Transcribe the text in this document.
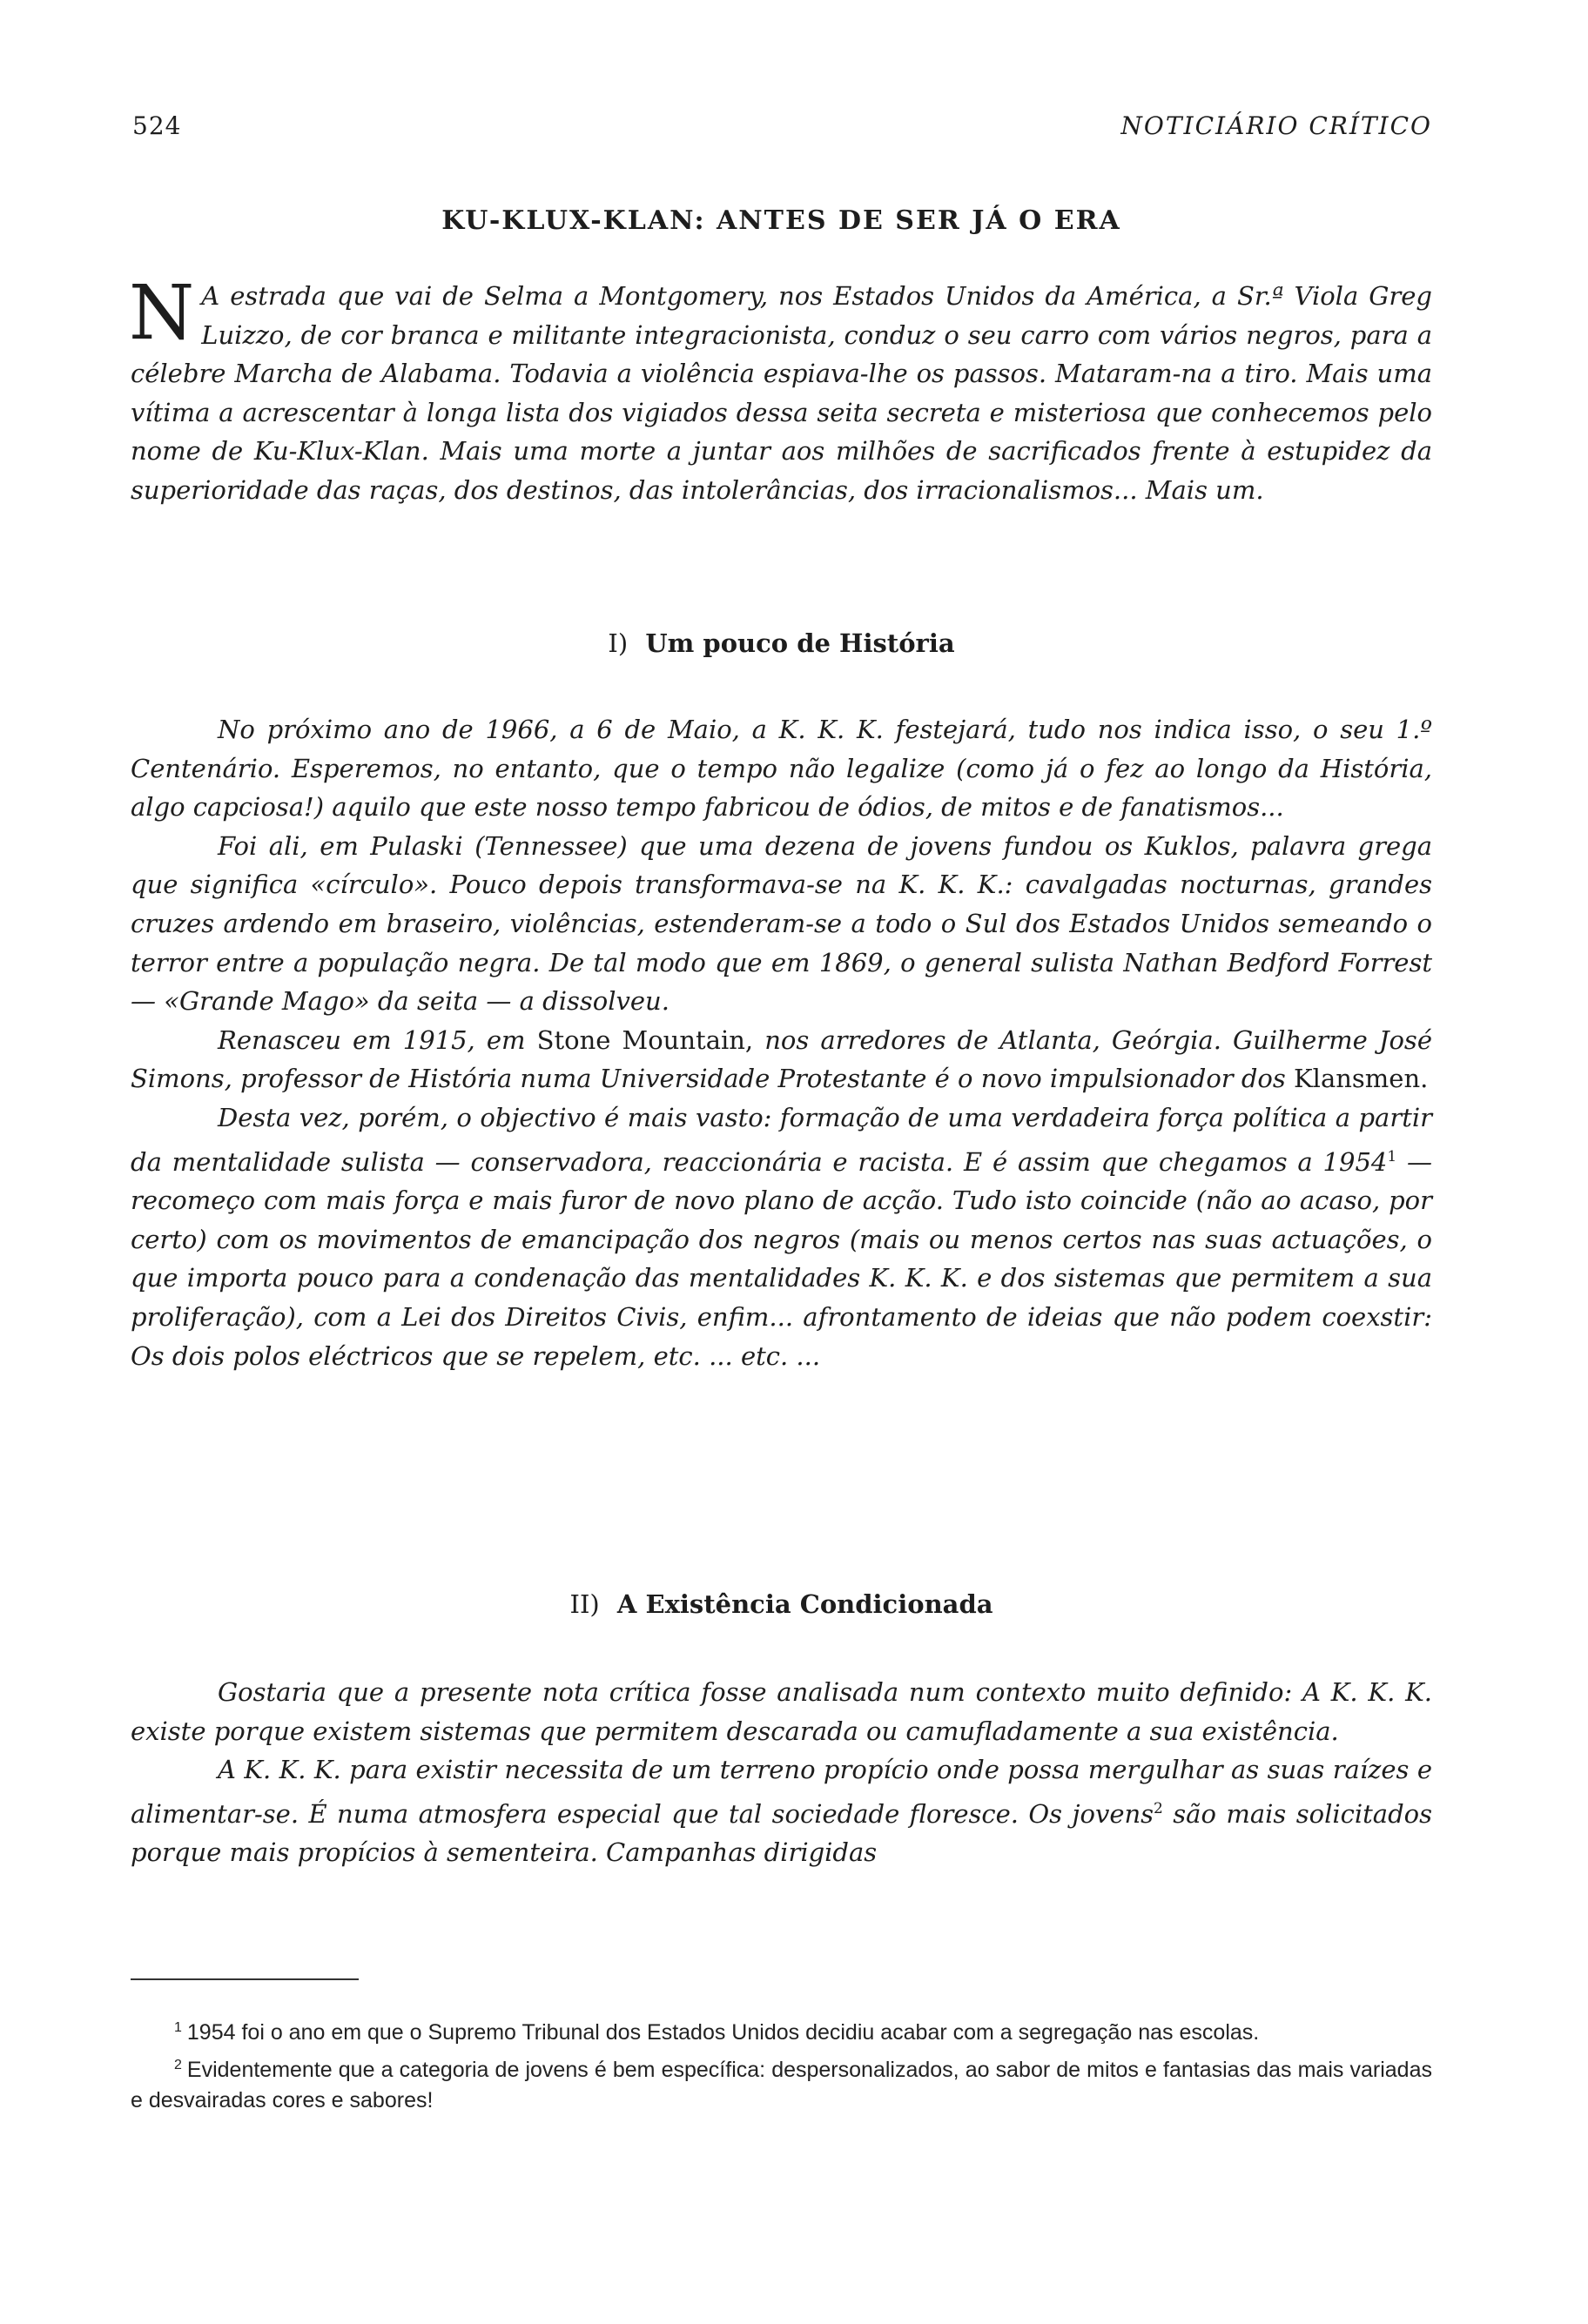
524	NOTICIÁRIO CRÍTICO
KU-KLUX-KLAN: ANTES DE SER JÁ O ERA

N A estrada que vai de Selma a Montgomery, nos Estados Unidos da América, a Sr.ª Viola Greg Luizzo, de cor branca e militante integracionista, conduz o seu carro com vários negros, para a célebre Marcha de Alabama. Todavia a violência espiava-lhe os passos. Mataram-na a tiro. Mais uma vítima a acrescentar à longa lista dos vigiados dessa seita secreta e misteriosa que conhecemos pelo nome de Ku-Klux-Klan. Mais uma morte a juntar aos milhões de sacrificados frente à estupidez da superioridade das raças, dos destinos, das intolerâncias, dos irracionalismos... Mais um.

I) Um pouco de História

No próximo ano de 1966, a 6 de Maio, a K. K. K. festejará, tudo nos indica isso, o seu 1.º Centenário. Esperemos, no entanto, que o tempo não legalize (como já o fez ao longo da História, algo capciosa!) aquilo que este nosso tempo fabricou de ódios, de mitos e de fanatismos...

Foi ali, em Pulaski (Tennessee) que uma dezena de jovens fundou os Kuklos, palavra grega que significa «círculo». Pouco depois transformava-se na K. K. K.: cavalgadas nocturnas, grandes cruzes ardendo em braseiro, violências, estenderam-se a todo o Sul dos Estados Unidos semeando o terror entre a população negra. De tal modo que em 1869, o general sulista Nathan Bedford Forrest — «Grande Mago» da seita — a dissolveu.

Renasceu em 1915, em Stone Mountain, nos arredores de Atlanta, Geórgia. Guilherme José Simons, professor de História numa Universidade Protestante é o novo impulsionador dos Klansmen.

Desta vez, porém, o objectivo é mais vasto: formação de uma verdadeira força política a partir da mentalidade sulista — conservadora, reaccionária e racista. E é assim que chegamos a 1954$^1$ — recomeço com mais força e mais furor de novo plano de acção. Tudo isto coincide (não ao acaso, por certo) com os movimentos de emancipação dos negros (mais ou menos certos nas suas actuações, o que importa pouco para a condenação das mentalidades K. K. K. e dos sistemas que permitem a sua proliferação), com a Lei dos Direitos Civis, enfim... afrontamento de ideias que não podem coexstir: Os dois polos eléctricos que se repelem, etc. ... etc. ...

II) A Existência Condicionada

Gostaria que a presente nota crítica fosse analisada num contexto muito definido: A K. K. K. existe porque existem sistemas que permitem descarada ou camufladamente a sua existência.

A K. K. K. para existir necessita de um terreno propício onde possa mergulhar as suas raízes e alimentar-se. É numa atmosfera especial que tal sociedade floresce. Os jovens$^2$ são mais solicitados porque mais propícios à sementeira. Campanhas dirigidas

$^1$ 1954 foi o ano em que o Supremo Tribunal dos Estados Unidos decidiu acabar com a segregação nas escolas.

$^2$ Evidentemente que a categoria de jovens é bem específica: despersonalizados, ao sabor de mitos e fantasias das mais variadas e desvairadas cores e sabores!
